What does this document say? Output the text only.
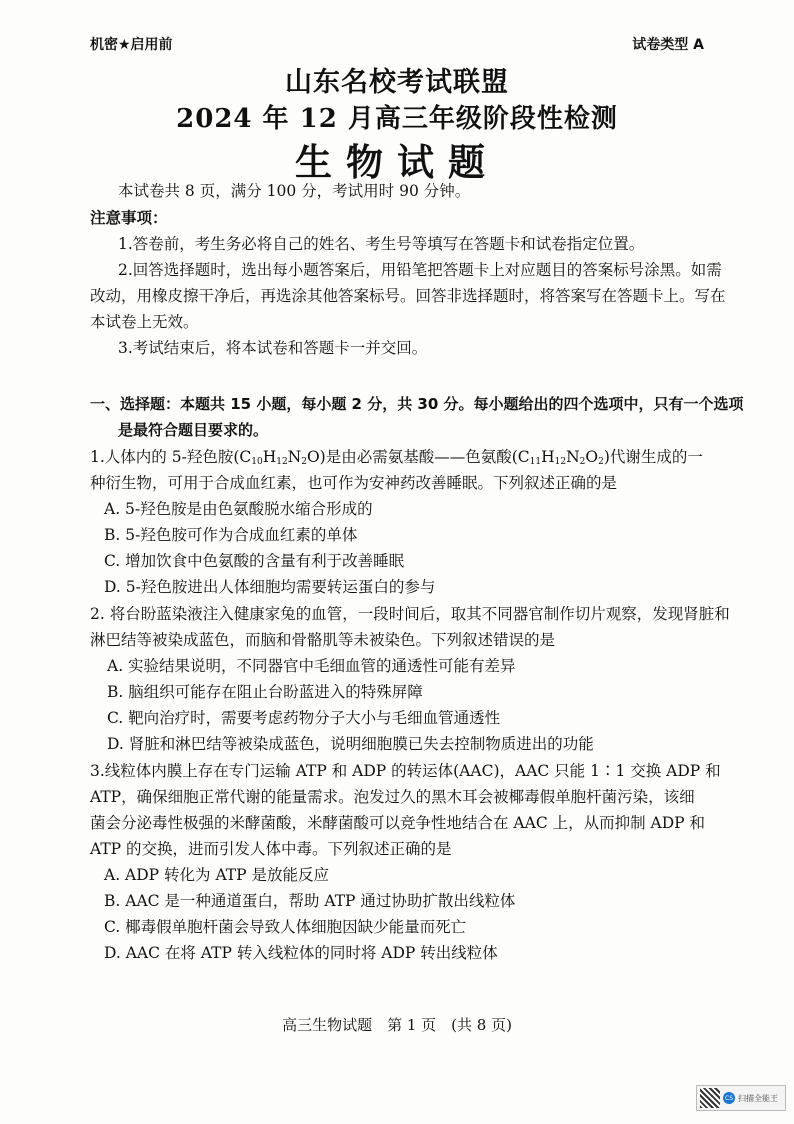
机密★启用前	试卷类型 A
山东名校考试联盟
2024 年 12 月高三年级阶段性检测
生物试题
本试卷共 8 页，满分 100 分，考试用时 90 分钟。
注意事项：
1.答卷前，考生务必将自己的姓名、考生号等填写在答题卡和试卷指定位置。
2.回答选择题时，选出每小题答案后，用铅笔把答题卡上对应题目的答案标号涂黑。如需
改动，用橡皮擦干净后，再选涂其他答案标号。回答非选择题时，将答案写在答题卡上。写在
本试卷上无效。
3.考试结束后，将本试卷和答题卡一并交回。
一、选择题：本题共 15 小题，每小题 2 分，共 30 分。每小题给出的四个选项中，只有一个选项
是最符合题目要求的。
1.人体内的 5-羟色胺$(C_{10}H_{12}N_2O)$是由必需氨基酸——色氨酸$(C_{11}H_{12}N_2O_2)$代谢生成的一
种衍生物，可用于合成血红素，也可作为安神药改善睡眠。下列叙述正确的是
A. 5-羟色胺是由色氨酸脱水缩合形成的
B. 5-羟色胺可作为合成血红素的单体
C. 增加饮食中色氨酸的含量有利于改善睡眠
D. 5-羟色胺进出人体细胞均需要转运蛋白的参与
2. 将台盼蓝染液注入健康家兔的血管，一段时间后，取其不同器官制作切片观察，发现肾脏和
淋巴结等被染成蓝色，而脑和骨骼肌等未被染色。下列叙述错误的是
A. 实验结果说明，不同器官中毛细血管的通透性可能有差异
B. 脑组织可能存在阻止台盼蓝进入的特殊屏障
C. 靶向治疗时，需要考虑药物分子大小与毛细血管通透性
D. 肾脏和淋巴结等被染成蓝色，说明细胞膜已失去控制物质进出的功能
3.线粒体内膜上存在专门运输 ATP 和 ADP 的转运体(AAC)，AAC 只能 1∶1 交换 ADP 和
ATP，确保细胞正常代谢的能量需求。泡发过久的黑木耳会被椰毒假单胞杆菌污染，该细
菌会分泌毒性极强的米酵菌酸，米酵菌酸可以竞争性地结合在 AAC 上，从而抑制 ADP 和
ATP 的交换，进而引发人体中毒。下列叙述正确的是
A. ADP 转化为 ATP 是放能反应
B. AAC 是一种通道蛋白，帮助 ATP 通过协助扩散出线粒体
C. 椰毒假单胞杆菌会导致人体细胞因缺少能量而死亡
D. AAC 在将 ATP 转入线粒体的同时将 ADP 转出线粒体
高三生物试题　第 1 页　(共 8 页)
CS 扫描全能王
